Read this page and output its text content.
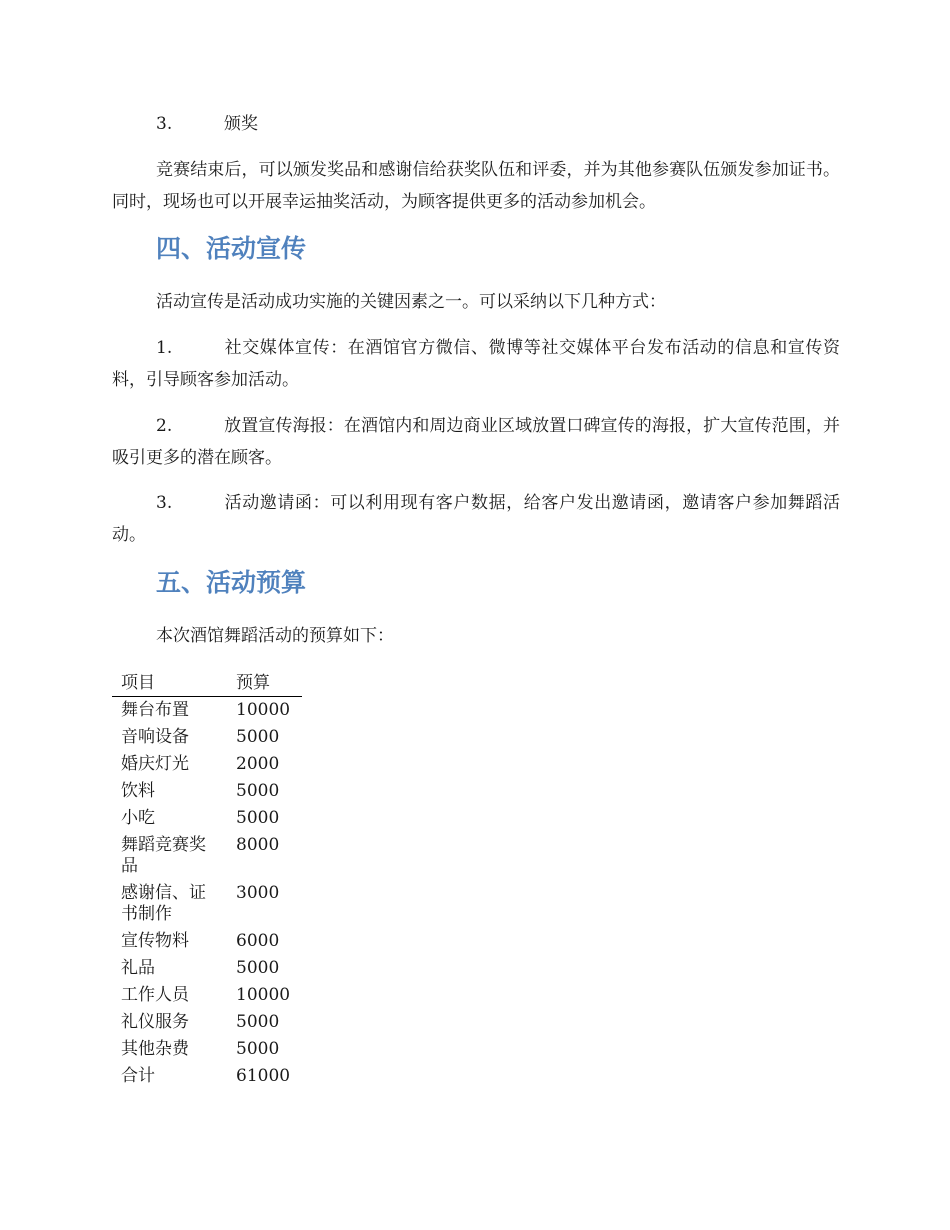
3.	颁奖

竞赛结束后，可以颁发奖品和感谢信给获奖队伍和评委，并为其他参赛队伍颁发参加证书。同时，现场也可以开展幸运抽奖活动，为顾客提供更多的活动参加机会。

四、活动宣传

活动宣传是活动成功实施的关键因素之一。可以采纳以下几种方式：

1.	社交媒体宣传：在酒馆官方微信、微博等社交媒体平台发布活动的信息和宣传资料，引导顾客参加活动。

2.	放置宣传海报：在酒馆内和周边商业区域放置口碑宣传的海报，扩大宣传范围，并吸引更多的潜在顾客。

3.	活动邀请函：可以利用现有客户数据，给客户发出邀请函，邀请客户参加舞蹈活动。

五、活动预算

本次酒馆舞蹈活动的预算如下：

项目	预算
舞台布置	10000
音响设备	5000
婚庆灯光	2000
饮料	5000
小吃	5000
舞蹈竞赛奖品	8000
感谢信、证书制作	3000
宣传物料	6000
礼品	5000
工作人员	10000
礼仪服务	5000
其他杂费	5000
合计	61000
